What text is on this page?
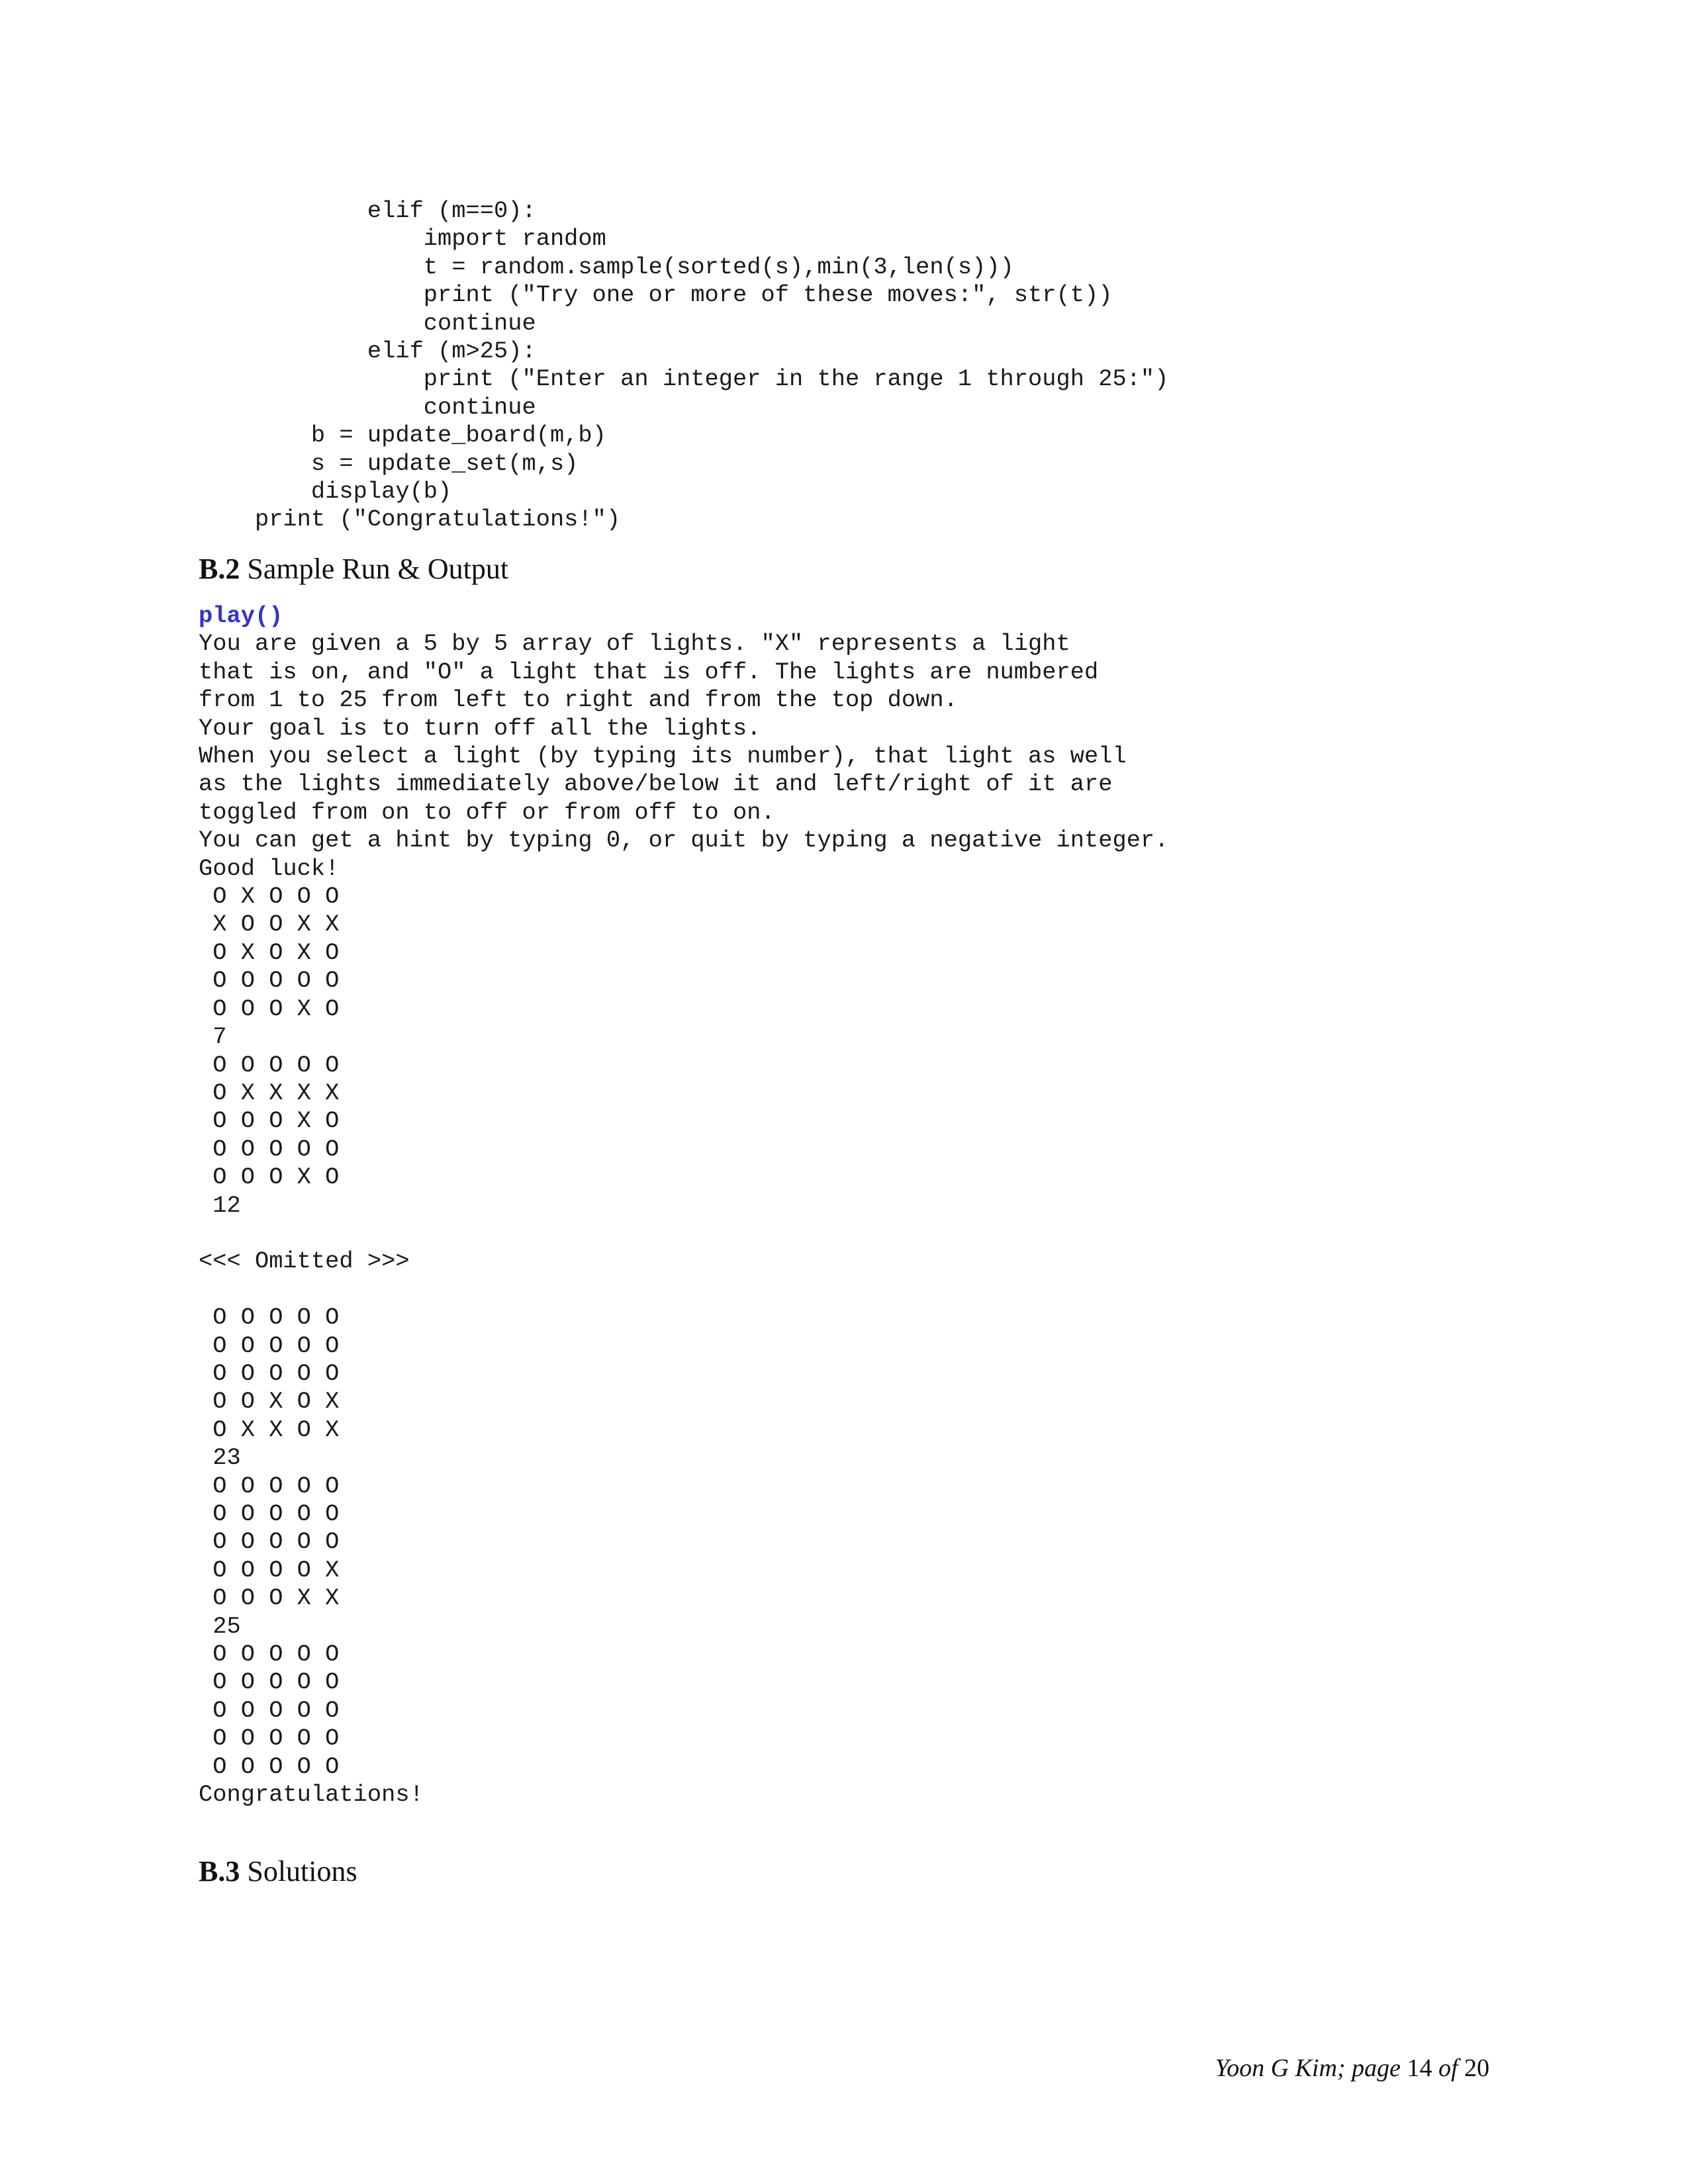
elif (m==0):
import random
t = random.sample(sorted(s),min(3,len(s)))
print ("Try one or more of these moves:", str(t))
continue
elif (m>25):
print ("Enter an integer in the range 1 through 25:")
continue
b = update_board(m,b)
s = update_set(m,s)
display(b)
print ("Congratulations!")
B.2 Sample Run & Output
play()
You are given a 5 by 5 array of lights. "X" represents a light
that is on, and "O" a light that is off. The lights are numbered
from 1 to 25 from left to right and from the top down.
Your goal is to turn off all the lights.
When you select a light (by typing its number), that light as well
as the lights immediately above/below it and left/right of it are
toggled from on to off or from off to on.
You can get a hint by typing 0, or quit by typing a negative integer.
Good luck!
O X O O O
X O O X X
O X O X O
O O O O O
O O O X O
7
O O O O O
O X X X X
O O O X O
O O O O O
O O O X O
12
<<< Omitted >>>
O O O O O
O O O O O
O O O O O
O O X O X
O X X O X
23
O O O O O
O O O O O
O O O O O
O O O O X
O O O X X
25
O O O O O
O O O O O
O O O O O
O O O O O
O O O O O
Congratulations!
B.3 Solutions

Yoon G Kim; page 14 of 20
